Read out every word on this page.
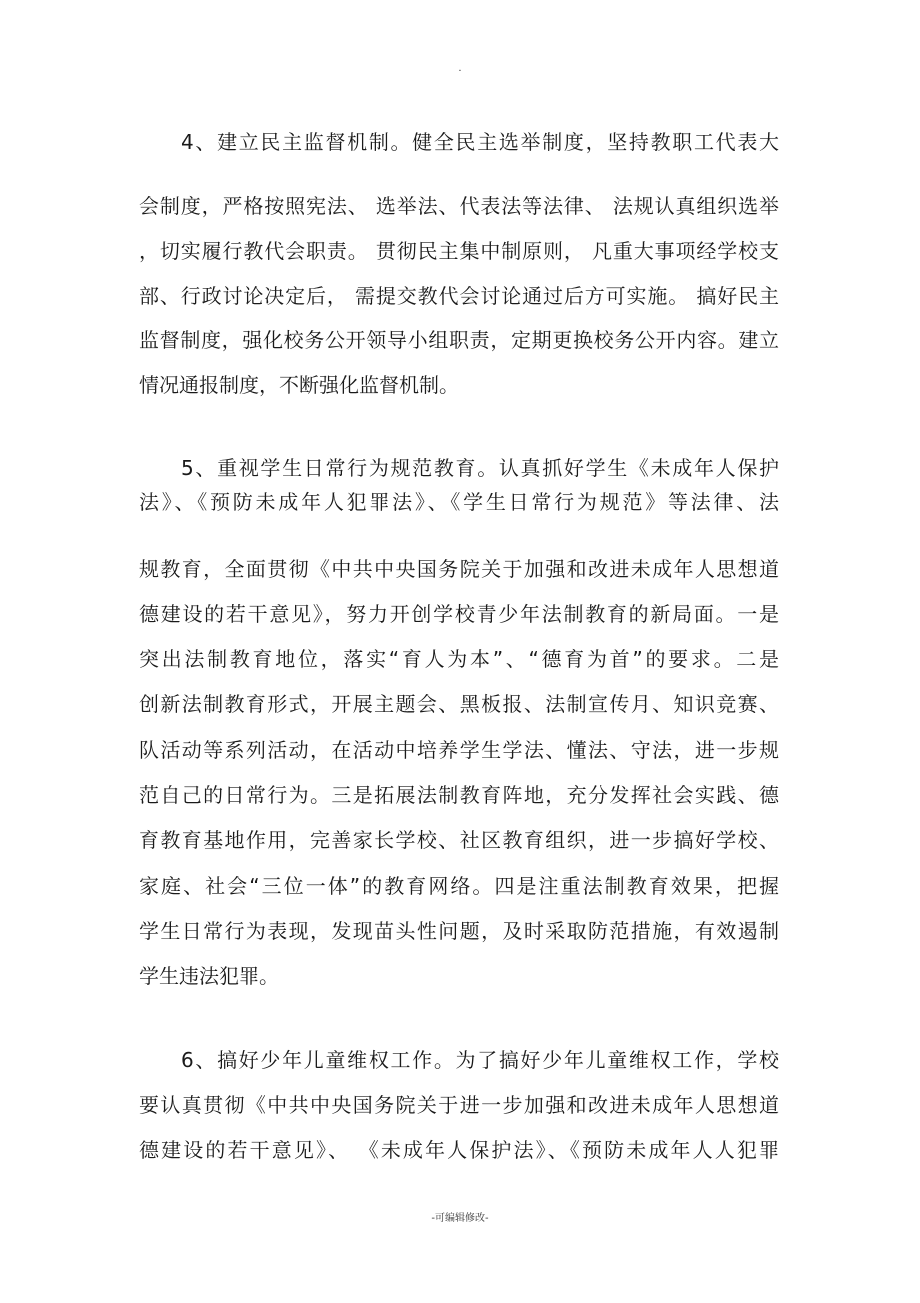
.
4、建立民主监督机制。健全民主选举制度，坚持教职工代表大
会制度，严格按照宪法、 选举法、代表法等法律、 法规认真组织选举
，切实履行教代会职责。 贯彻民主集中制原则， 凡重大事项经学校支
部、行政讨论决定后， 需提交教代会讨论通过后方可实施。 搞好民主
监督制度，强化校务公开领导小组职责，定期更换校务公开内容。建立
情况通报制度，不断强化监督机制。
5、重视学生日常行为规范教育。认真抓好学生《未成年人保护
法》、《预防未成年人犯罪法》、《学生日常行为规范》等法律、法
规教育，全面贯彻《中共中央国务院关于加强和改进未成年人思想道
德建设的若干意见》，努力开创学校青少年法制教育的新局面。一是
突出法制教育地位，落实“育人为本”、“德育为首”的要求。二是
创新法制教育形式，开展主题会、黑板报、法制宣传月、知识竞赛、
队活动等系列活动，在活动中培养学生学法、懂法、守法，进一步规
范自己的日常行为。三是拓展法制教育阵地，充分发挥社会实践、德
育教育基地作用，完善家长学校、社区教育组织，进一步搞好学校、
家庭、社会“三位一体”的教育网络。四是注重法制教育效果，把握
学生日常行为表现，发现苗头性问题，及时采取防范措施，有效遏制
学生违法犯罪。
6、搞好少年儿童维权工作。为了搞好少年儿童维权工作，学校
要认真贯彻《中共中央国务院关于进一步加强和改进未成年人思想道
德建设的若干意见》、 《未成年人保护法》、《预防未成年人人犯罪
-可编辑修改-
